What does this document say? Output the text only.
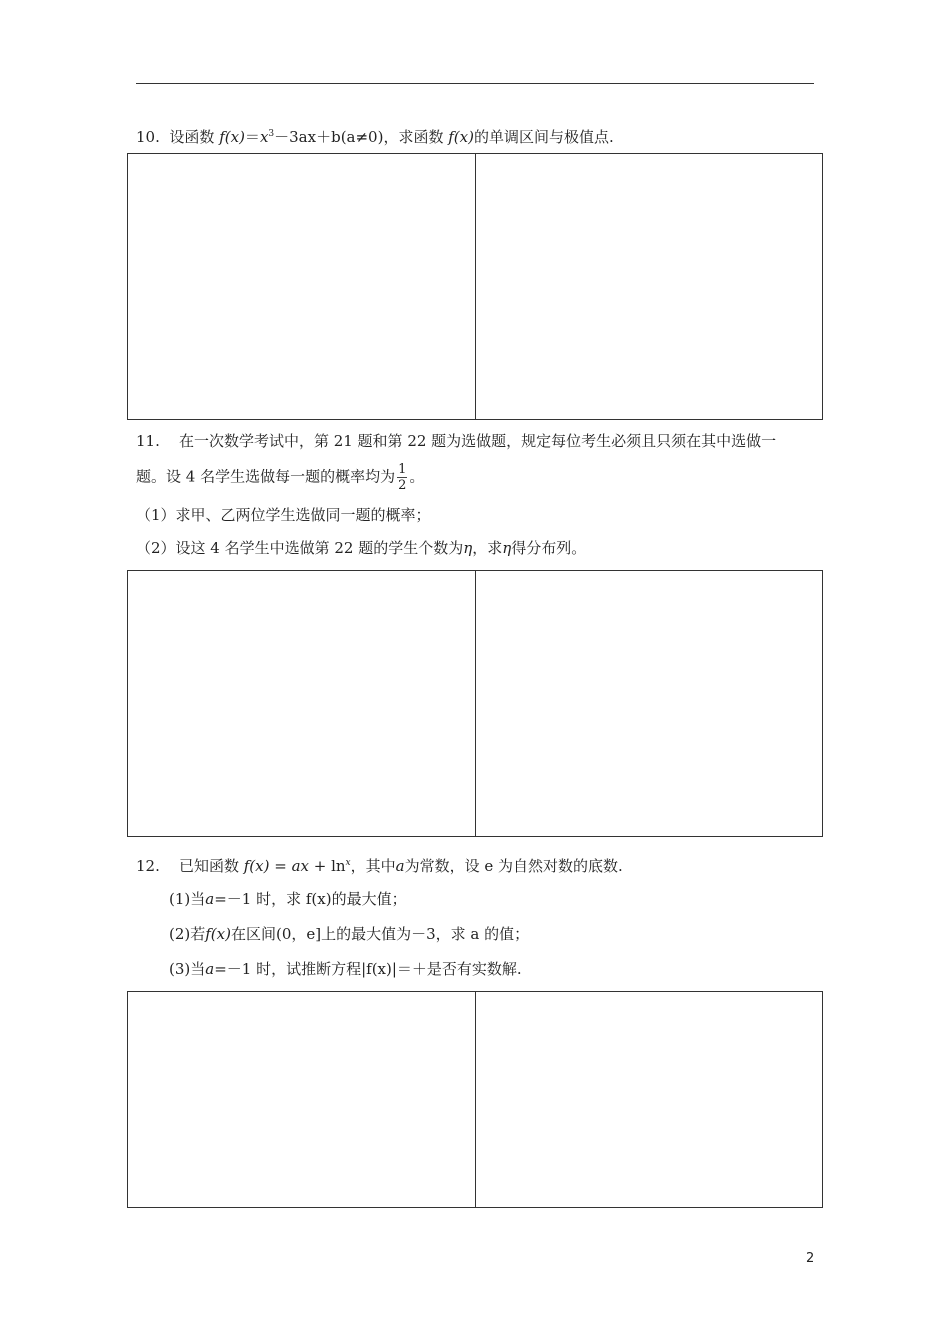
10. 设函数 $f(x)=x^3-3ax+b(a\ne 0)$，求函数 f(x)的单调区间与极值点.
11. 在一次数学考试中，第 21 题和第 22 题为选做题，规定每位考生必须且只须在其中选做一
题。设 4 名学生选做每一题的概率均为 $\frac{1}{2}$ 。
（1）求甲、乙两位学生选做同一题的概率；
（2）设这 4 名学生中选做第 22 题的学生个数为η，求η得分布列。
12. 已知函数 f(x) = ax + $\ln^x$，其中a为常数，设 e 为自然对数的底数.
(1)当a=－1 时，求 f(x)的最大值；
(2)若f(x)在区间(0，e]上的最大值为－3，求 a 的值；
(3)当a=－1 时，试推断方程|f(x)|＝＋是否有实数解.
2
